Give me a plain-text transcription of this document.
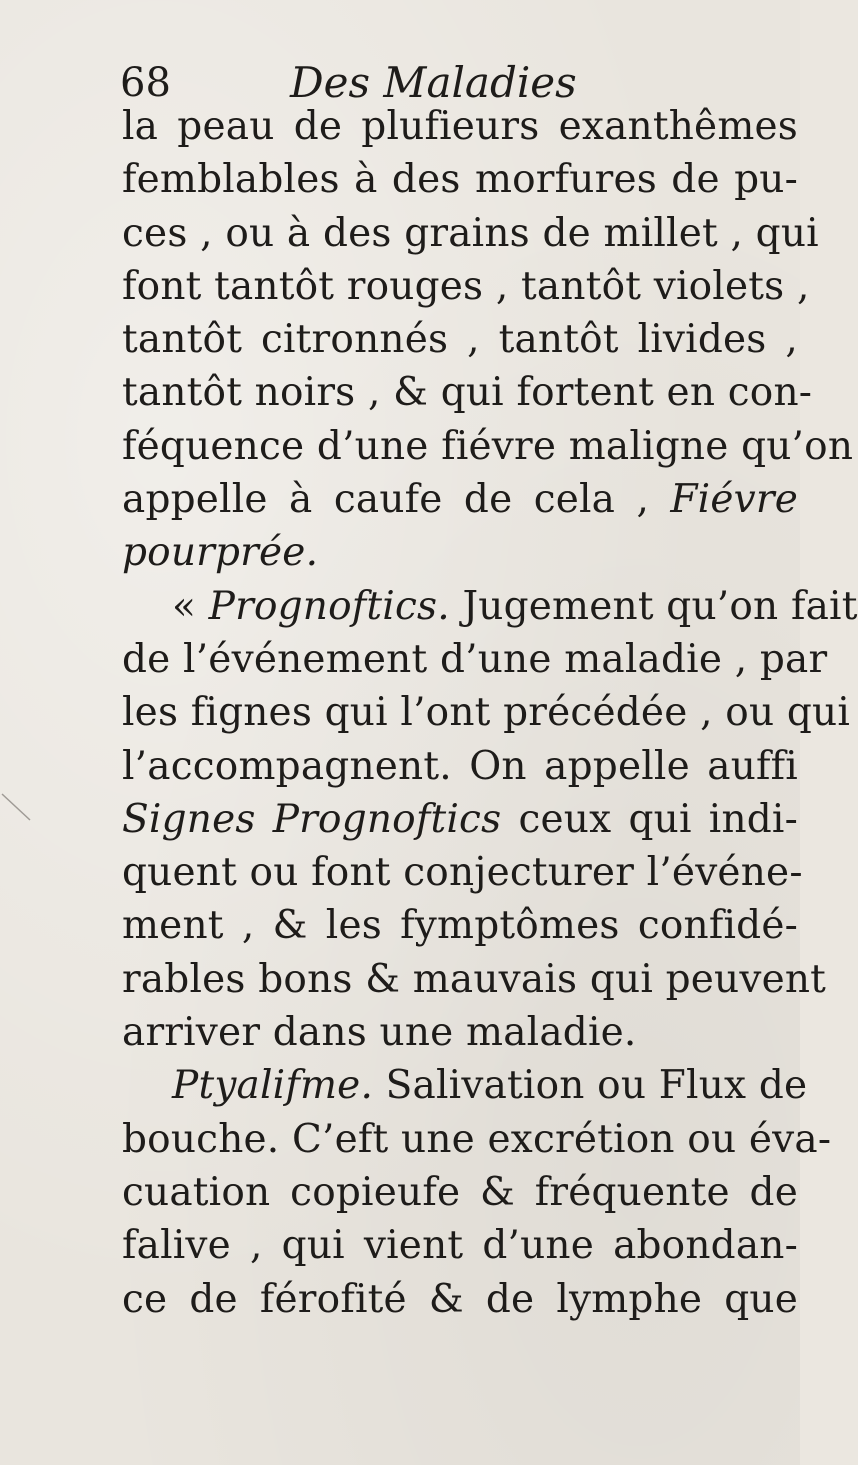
68	Des Maladies
la peau de plufieurs exanthêmes
femblables à des morfures de pu-
ces , ou à des grains de millet , qui
font tantôt rouges , tantôt violets ,
tantôt citronnés , tantôt livides ,
tantôt noirs , & qui fortent en con-
féquence d’une fiévre maligne qu’on
appelle à caufe de cela , Fiévre
pourprée.
« Prognoftics. Jugement qu’on fait
de l’événement d’une maladie , par
les fignes qui l’ont précédée , ou qui
l’accompagnent. On appelle auffi
Signes Prognoftics ceux qui indi-
quent ou font conjecturer l’événe-
ment , & les fymptômes confidé-
rables bons & mauvais qui peuvent
arriver dans une maladie.
Ptyalifme. Salivation ou Flux de
bouche. C’eft une excrétion ou éva-
cuation copieufe & fréquente de
falive , qui vient d’une abondan-
ce de férofité & de lymphe que
